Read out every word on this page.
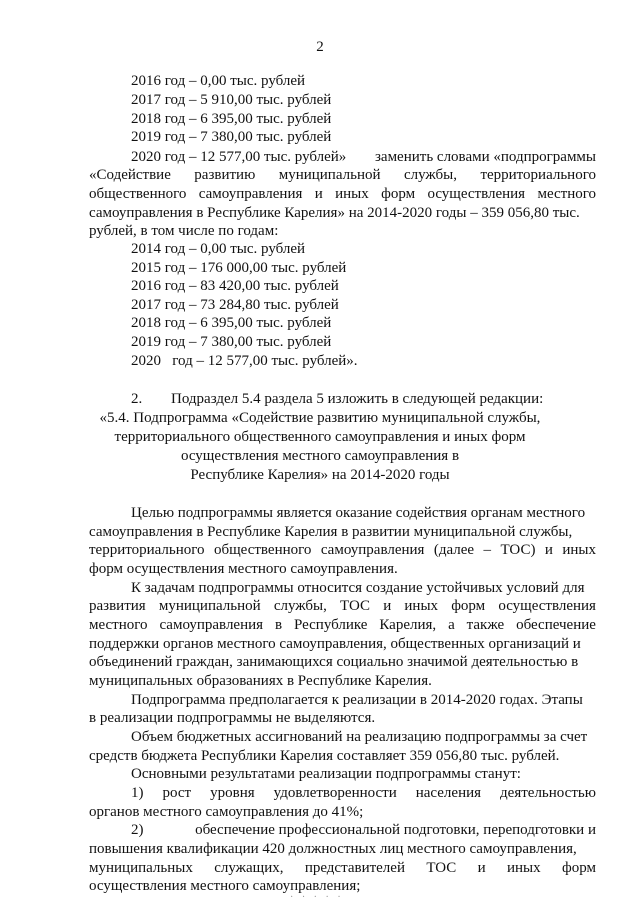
2
2016 год – 0,00 тыс. рублей
2017 год – 5 910,00 тыс. рублей
2018 год – 6 395,00 тыс. рублей
2019 год – 7 380,00 тыс. рублей
2020 год – 12 577,00 тыс. рублей» заменить словами «подпрограммы
«Содействие развитию муниципальной службы, территориального
общественного самоуправления и иных форм осуществления местного
самоуправления в Республике Карелия» на 2014-2020 годы – 359 056,80 тыс.
рублей, в том числе по годам:
2014 год – 0,00 тыс. рублей
2015 год – 176 000,00 тыс. рублей
2016 год – 83 420,00 тыс. рублей
2017 год – 73 284,80 тыс. рублей
2018 год – 6 395,00 тыс. рублей
2019 год – 7 380,00 тыс. рублей
2020   год – 12 577,00 тыс. рублей».
2. Подраздел 5.4 раздела 5 изложить в следующей редакции:
«5.4. Подпрограмма «Содействие развитию муниципальной службы,
территориального общественного самоуправления и иных форм
осуществления местного самоуправления в
Республике Карелия» на 2014-2020 годы
Целью подпрограммы является оказание содействия органам местного
самоуправления в Республике Карелия в развитии муниципальной службы,
территориального общественного самоуправления (далее – ТОС) и иных
форм осуществления местного самоуправления.
К задачам подпрограммы относится создание устойчивых условий для
развития муниципальной службы, ТОС и иных форм осуществления
местного самоуправления в Республике Карелия, а также обеспечение
поддержки органов местного самоуправления, общественных организаций и
объединений граждан, занимающихся социально значимой деятельностью в
муниципальных образованиях в Республике Карелия.
Подпрограмма предполагается к реализации в 2014-2020 годах. Этапы
в реализации подпрограммы не выделяются.
Объем бюджетных ассигнований на реализацию подпрограммы за счет
средств бюджета Республики Карелия составляет 359 056,80 тыс. рублей.
Основными результатами реализации подпрограммы станут:
1) рост уровня удовлетворенности населения деятельностью
органов местного самоуправления до 41%;
2)	обеспечение профессиональной подготовки, переподготовки и
повышения квалификации 420 должностных лиц местного самоуправления,
муниципальных служащих, представителей ТОС и иных форм
осуществления местного самоуправления;
· · · · ·
